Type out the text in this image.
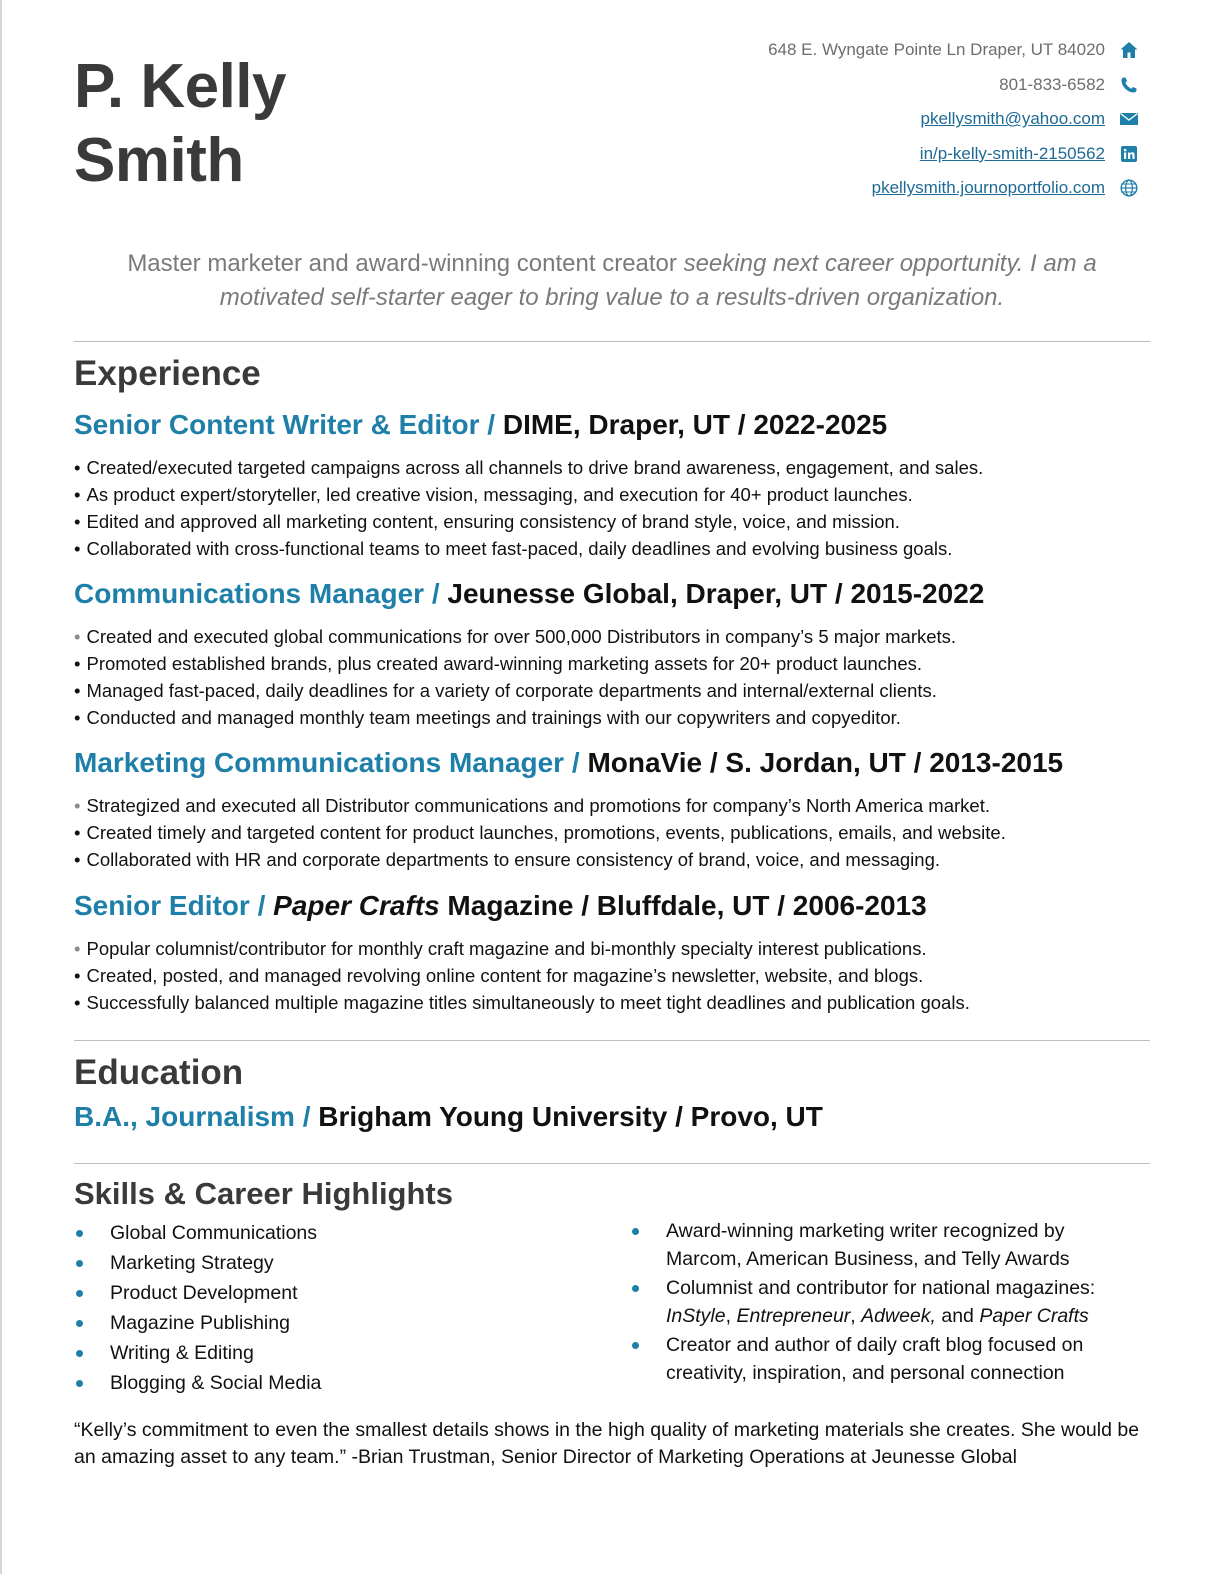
P. Kelly
Smith
648 E. Wyngate Pointe Ln Draper, UT 84020
801-833-6582
pkellysmith@yahoo.com
in/p-kelly-smith-2150562
pkellysmith.journoportfolio.com
Master marketer and award-winning content creator seeking next career opportunity. I am a motivated self-starter eager to bring value to a results-driven organization.
Experience
Senior Content Writer & Editor / DIME, Draper, UT / 2022-2025
• Created/executed targeted campaigns across all channels to drive brand awareness, engagement, and sales.
• As product expert/storyteller, led creative vision, messaging, and execution for 40+ product launches.
• Edited and approved all marketing content, ensuring consistency of brand style, voice, and mission.
• Collaborated with cross-functional teams to meet fast-paced, daily deadlines and evolving business goals.
Communications Manager / Jeunesse Global, Draper, UT / 2015-2022
• Created and executed global communications for over 500,000 Distributors in company’s 5 major markets.
• Promoted established brands, plus created award-winning marketing assets for 20+ product launches.
• Managed fast-paced, daily deadlines for a variety of corporate departments and internal/external clients.
• Conducted and managed monthly team meetings and trainings with our copywriters and copyeditor.
Marketing Communications Manager / MonaVie / S. Jordan, UT / 2013-2015
• Strategized and executed all Distributor communications and promotions for company’s North America market.
• Created timely and targeted content for product launches, promotions, events, publications, emails, and website.
• Collaborated with HR and corporate departments to ensure consistency of brand, voice, and messaging.
Senior Editor / Paper Crafts Magazine / Bluffdale, UT / 2006-2013
• Popular columnist/contributor for monthly craft magazine and bi-monthly specialty interest publications.
• Created, posted, and managed revolving online content for magazine’s newsletter, website, and blogs.
• Successfully balanced multiple magazine titles simultaneously to meet tight deadlines and publication goals.
Education
B.A., Journalism / Brigham Young University / Provo, UT
Skills & Career Highlights
Global Communications
Marketing Strategy
Product Development
Magazine Publishing
Writing & Editing
Blogging & Social Media
Award-winning marketing writer recognized by
Marcom, American Business, and Telly Awards
Columnist and contributor for national magazines:
InStyle, Entrepreneur, Adweek, and Paper Crafts
Creator and author of daily craft blog focused on
creativity, inspiration, and personal connection
“Kelly’s commitment to even the smallest details shows in the high quality of marketing materials she creates. She would be an amazing asset to any team.” -Brian Trustman, Senior Director of Marketing Operations at Jeunesse Global
